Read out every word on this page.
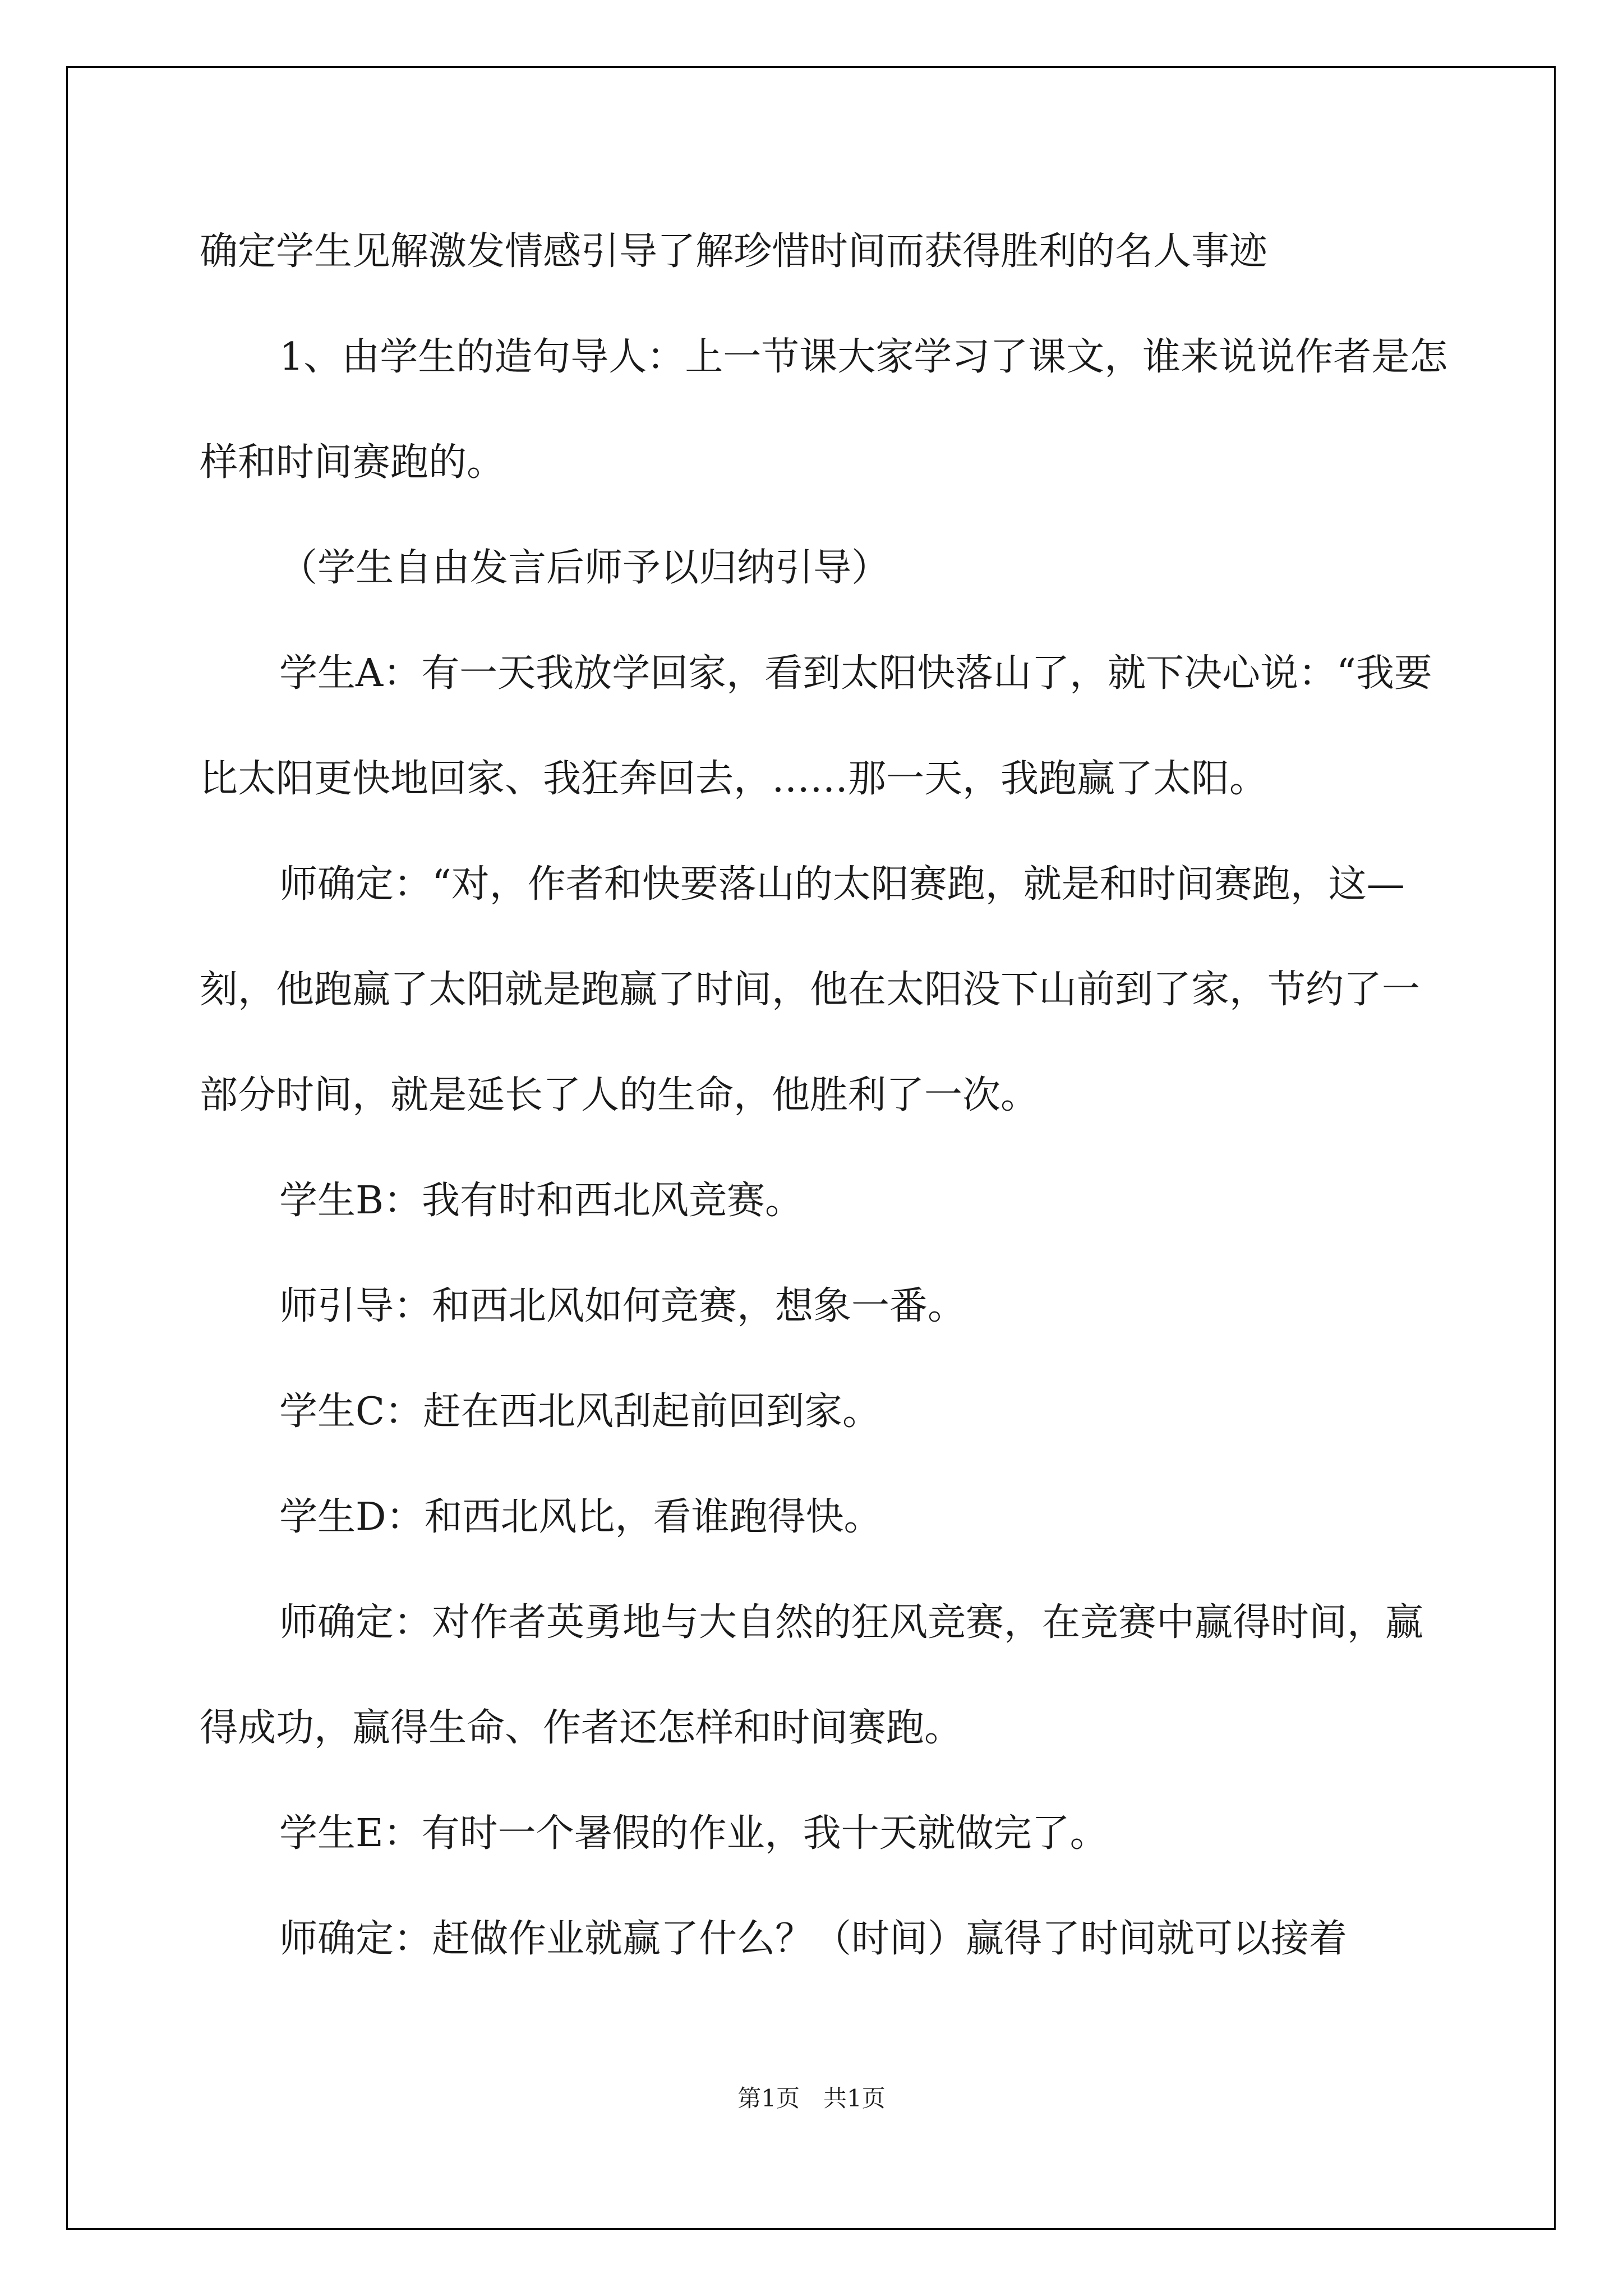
确定学生见解激发情感引导了解珍惜时间而获得胜利的名人事迹

1、由学生的造句导人：上一节课大家学习了课文，谁来说说作者是怎样和时间赛跑的。

（学生自由发言后师予以归纳引导）

学生A：有一天我放学回家，看到太阳快落山了，就下决心说：“我要比太阳更快地回家、我狂奔回去，……那一天，我跑赢了太阳。

师确定：“对，作者和快要落山的太阳赛跑，就是和时间赛跑，这—刻，他跑赢了太阳就是跑赢了时间，他在太阳没下山前到了家，节约了一部分时间，就是延长了人的生命，他胜利了一次。

学生B：我有时和西北风竞赛。

师引导：和西北风如何竞赛，想象一番。

学生C：赶在西北风刮起前回到家。

学生D：和西北风比，看谁跑得快。

师确定：对作者英勇地与大自然的狂风竞赛，在竞赛中赢得时间，赢得成功，赢得生命、作者还怎样和时间赛跑。

学生E：有时一个暑假的作业，我十天就做完了。

师确定：赶做作业就赢了什么？（时间）赢得了时间就可以接着

第1页　共1页
